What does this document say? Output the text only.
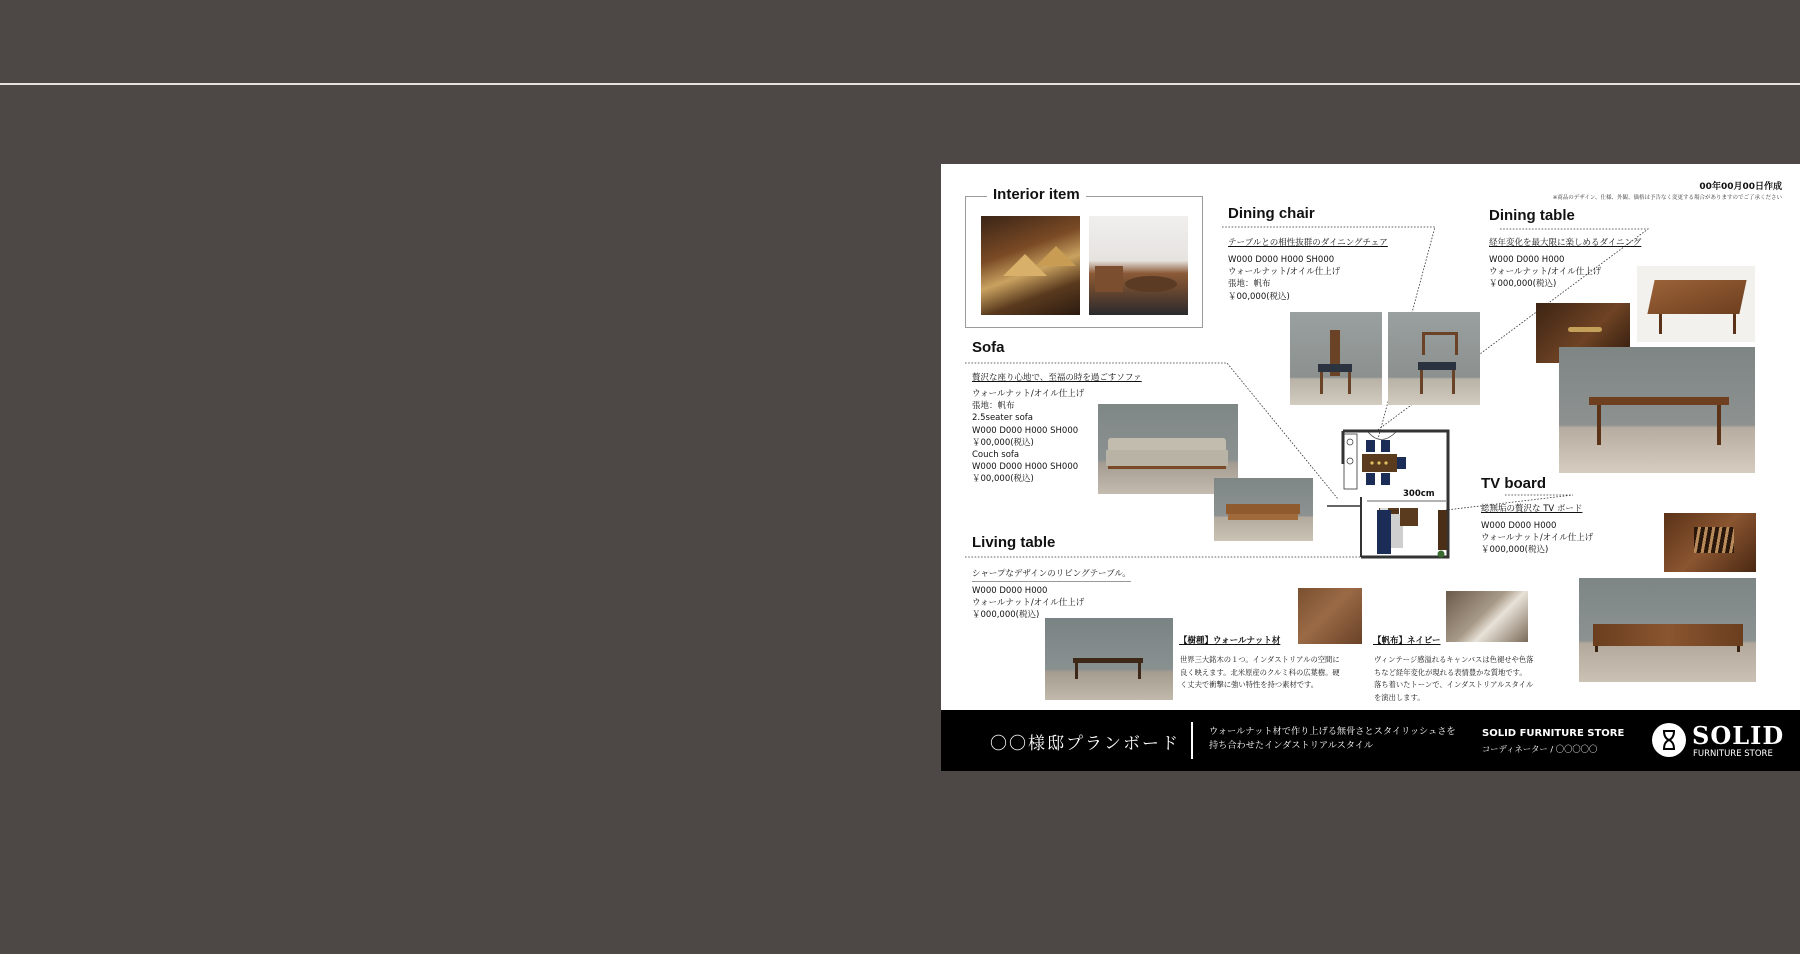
00年00月00日作成
※商品のデザイン、仕様、外観、価格は予告なく変更する場合がありますのでご了承ください
300cm
Interior item
Dining chair
テーブルとの相性抜群のダイニングチェア
W000 D000 H000 SH000
ウォールナット/オイル仕上げ
張地：帆布
￥00,000(税込)
Dining table
経年変化を最大限に楽しめるダイニング
W000 D000 H000
ウォールナット/オイル仕上げ
￥000,000(税込)
Sofa
贅沢な座り心地で、至福の時を過ごすソファ
ウォールナット/オイル仕上げ
張地：帆布
2.5seater sofa
W000 D000 H000 SH000
￥00,000(税込)
Couch sofa
W000 D000 H000 SH000
￥00,000(税込)
Living table
シャープなデザインのリビングテーブル。
W000 D000 H000
ウォールナット/オイル仕上げ
￥000,000(税込)
【樹種】ウォールナット材
世界三大銘木の１つ。インダストリアルの空間に
良く映えます。北米原産のクルミ科の広葉樹。硬
く丈夫で衝撃に強い特性を持つ素材です。
【帆布】ネイビー
ヴィンテージ感溢れるキャンバスは色褪せや色落
ちなど経年変化が現れる表情豊かな質地です。
落ち着いたトーンで、インダストリアルスタイル
を演出します。
TV board
総無垢の贅沢な TV ボード
W000 D000 H000
ウォールナット/オイル仕上げ
￥000,000(税込)
〇〇様邸プランボード
ウォールナット材で作り上げる無骨さとスタイリッシュさを
持ち合わせたインダストリアルスタイル
SOLID FURNITURE STORE
コーディネーター / 〇〇〇〇〇	SOLID
FURNITURE STORE
